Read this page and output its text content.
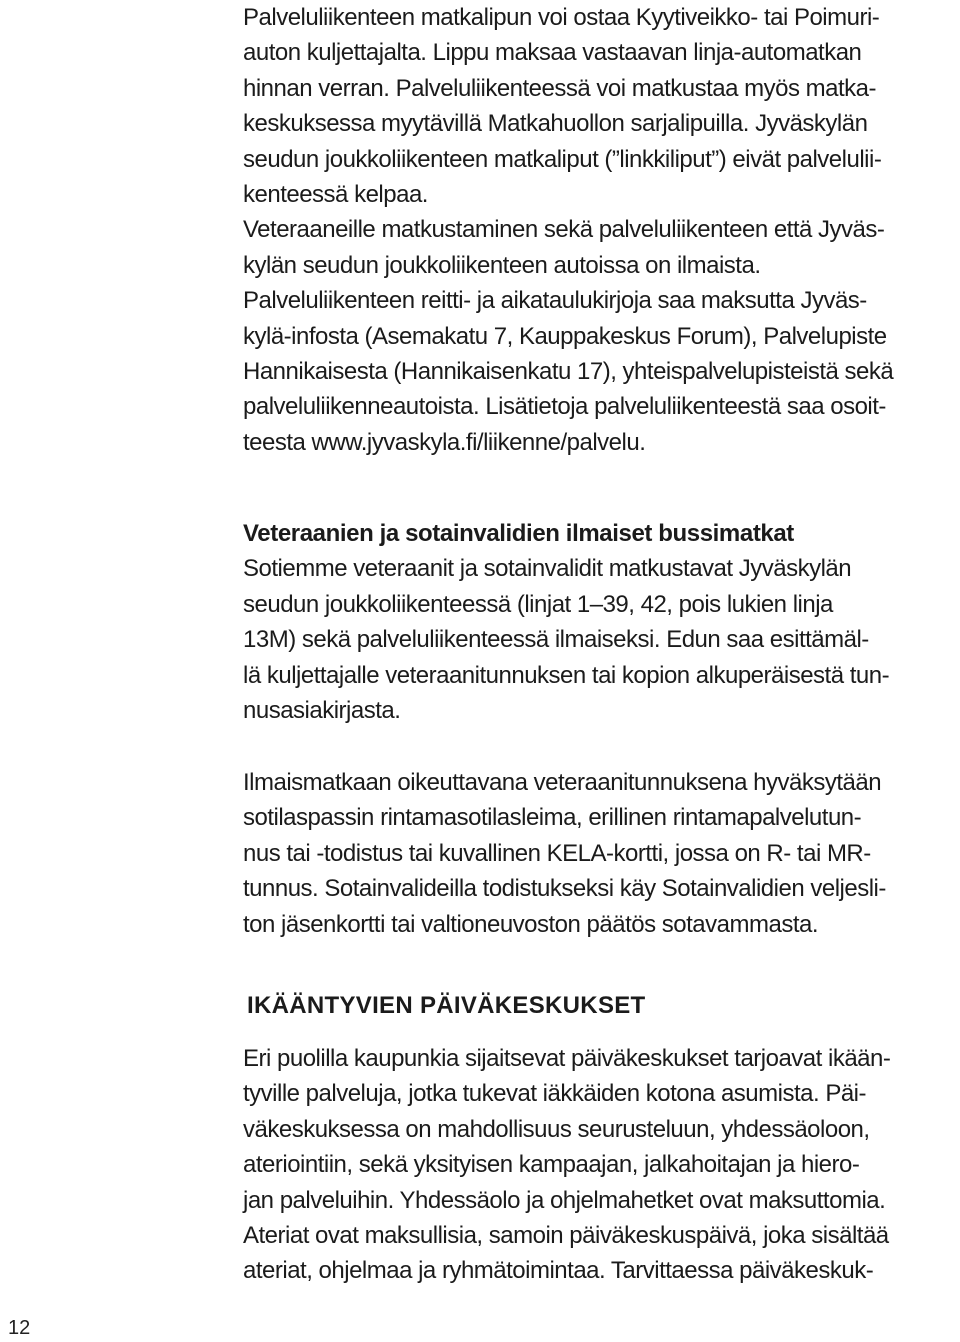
Palveluliikenteen matkalipun voi ostaa Kyytiveikko- tai Poimuri-
auton kuljettajalta. Lippu maksaa vastaavan linja-automatkan
hinnan verran. Palveluliikenteessä voi matkustaa myös matka-
keskuksessa myytävillä Matkahuollon sarjalipuilla. Jyväskylän
seudun joukkoliikenteen matkaliput (”linkkiliput”) eivät palvelulii-
kenteessä kelpaa.
Veteraaneille matkustaminen sekä palveluliikenteen että Jyväs-
kylän seudun joukkoliikenteen autoissa on ilmaista.
Palveluliikenteen reitti- ja aikataulukirjoja saa maksutta Jyväs-
kylä-infosta (Asemakatu 7, Kauppakeskus Forum), Palvelupiste
Hannikaisesta (Hannikaisenkatu 17), yhteispalvelupisteistä sekä
palveluliikenneautoista. Lisätietoja palveluliikenteestä saa osoit-
teesta www.jyvaskyla.fi/liikenne/palvelu.
Veteraanien ja sotainvalidien ilmaiset bussimatkat
Sotiemme veteraanit ja sotainvalidit matkustavat Jyväskylän
seudun joukkoliikenteessä (linjat 1–39, 42, pois lukien linja
13M) sekä palveluliikenteessä ilmaiseksi. Edun saa esittämäl-
lä kuljettajalle veteraanitunnuksen tai kopion alkuperäisestä tun-
nusasiakirjasta.
Ilmaismatkaan oikeuttavana veteraanitunnuksena hyväksytään
sotilaspassin rintamasotilasleima, erillinen rintamapalvelutun-
nus tai -todistus tai kuvallinen KELA-kortti, jossa on R- tai MR-
tunnus. Sotainvalideilla todistukseksi käy Sotainvalidien veljesli-
ton jäsenkortti tai valtioneuvoston päätös sotavammasta.
IKÄÄNTYVIEN PÄIVÄKESKUKSET
Eri puolilla kaupunkia sijaitsevat päiväkeskukset tarjoavat ikään-
tyville palveluja, jotka tukevat iäkkäiden kotona asumista. Päi-
väkeskuksessa on mahdollisuus seurusteluun, yhdessäoloon,
ateriointiin, sekä yksityisen kampaajan, jalkahoitajan ja hiero-
jan palveluihin. Yhdessäolo ja ohjelmahetket ovat maksuttomia.
Ateriat ovat maksullisia, samoin päiväkeskuspäivä, joka sisältää
ateriat, ohjelmaa ja ryhmätoimintaa. Tarvittaessa päiväkeskuk-
12
